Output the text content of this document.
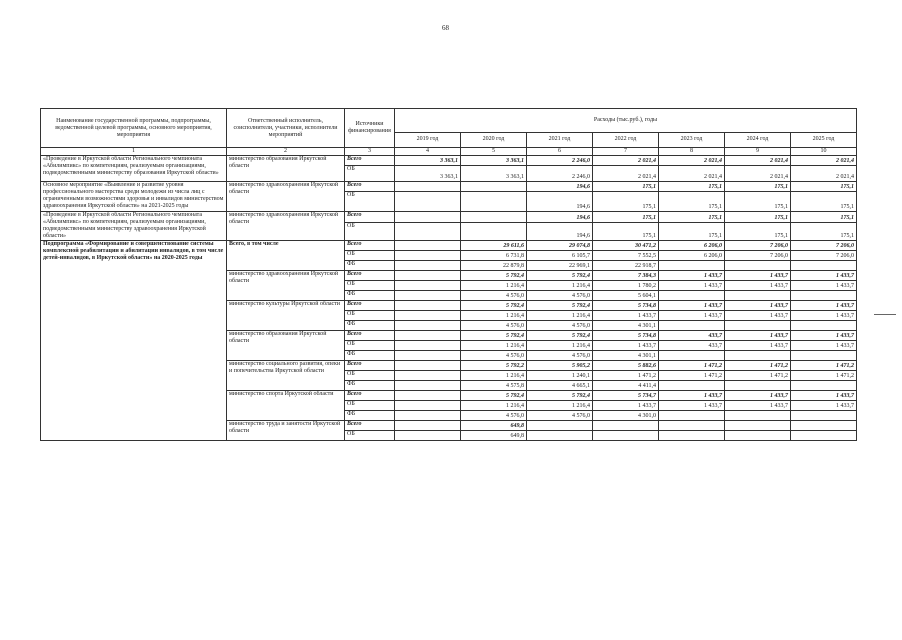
68
Наименование государственной программы, подпрограммы, ведомственной целевой программы, основного мероприятия, мероприятия	Ответственный исполнитель, соисполнители, участники, исполнители мероприятий	Источники финансирования	Расходы (тыс.руб.), годы						
			2019 год	2020 год	2021 год	2022 год	2023 год	2024 год	2025 год
1	2	3	4	5	6	7	8	9	10
«Проведение в Иркутской области Регионального чемпионата «Абилимпикс» по компетенциям, реализуемым организациями, подведомственными министерству образования Иркутской области»	министерство образования Иркутской области	Всего	3 363,1	3 363,1	2 246,0	2 021,4	2 021,4	2 021,4	2 021,4
		ОБ	3 363,1	3 363,1	2 246,0	2 021,4	2 021,4	2 021,4	2 021,4
Основное мероприятие «Выявление и развитие уровня профессионального мастерства среди молодежи из числа лиц с ограниченными возможностями здоровья и инвалидов министерством здравоохранения Иркутской области» на 2021-2025 годы	министерство здравоохранения Иркутской области	Всего			194,6	175,1	175,1	175,1	175,1
		ОБ			194,6	175,1	175,1	175,1	175,1
«Проведение в Иркутской области Регионального чемпионата «Абилимпикс» по компетенциям, реализуемым организациями, подведомственными министерству здравоохранения Иркутской области»	министерство здравоохранения Иркутской области	Всего			194,6	175,1	175,1	175,1	175,1
		ОБ			194,6	175,1	175,1	175,1	175,1
Подпрограмма «Формирование и совершенствование системы комплексной реабилитации и абилитации инвалидов, в том числе детей-инвалидов, в Иркутской области» на 2020-2025 годы	Всего, в том числе	Всего		29 611,6	29 074,8	30 471,2	6 206,0	7 206,0	7 206,0
		ОБ		6 731,8	6 105,7	7 552,5	6 206,0	7 206,0	7 206,0
		ФБ		22 879,8	22 969,1	22 918,7			
	министерство здравоохранения Иркутской области	Всего		5 792,4	5 792,4	7 384,3	1 433,7	1 433,7	1 433,7
		ОБ		1 216,4	1 216,4	1 780,2	1 433,7	1 433,7	1 433,7
		ФБ		4 576,0	4 576,0	5 604,1			
	министерство культуры Иркутской области	Всего		5 792,4	5 792,4	5 734,8	1 433,7	1 433,7	1 433,7
		ОБ		1 216,4	1 216,4	1 433,7	1 433,7	1 433,7	1 433,7
		ФБ		4 576,0	4 576,0	4 301,1			
	министерство образования Иркутской области	Всего		5 792,4	5 792,4	5 734,8	433,7	1 433,7	1 433,7
		ОБ		1 216,4	1 216,4	1 433,7	433,7	1 433,7	1 433,7
		ФБ		4 576,0	4 576,0	4 301,1			
	министерство социального развития, опеки и попечительства Иркутской области	Всего		5 792,2	5 905,2	5 882,6	1 471,2	1 471,2	1 471,2
		ОБ		1 216,4	1 240,1	1 471,2	1 471,2	1 471,2	1 471,2
		ФБ		4 575,8	4 665,1	4 411,4			
	министерство спорта Иркутской области	Всего		5 792,4	5 792,4	5 734,7	1 433,7	1 433,7	1 433,7
		ОБ		1 216,4	1 216,4	1 433,7	1 433,7	1 433,7	1 433,7
		ФБ		4 576,0	4 576,0	4 301,0			
	министерство труда и занятости Иркутской области	Всего		649,8					
		ОБ		649,8					
